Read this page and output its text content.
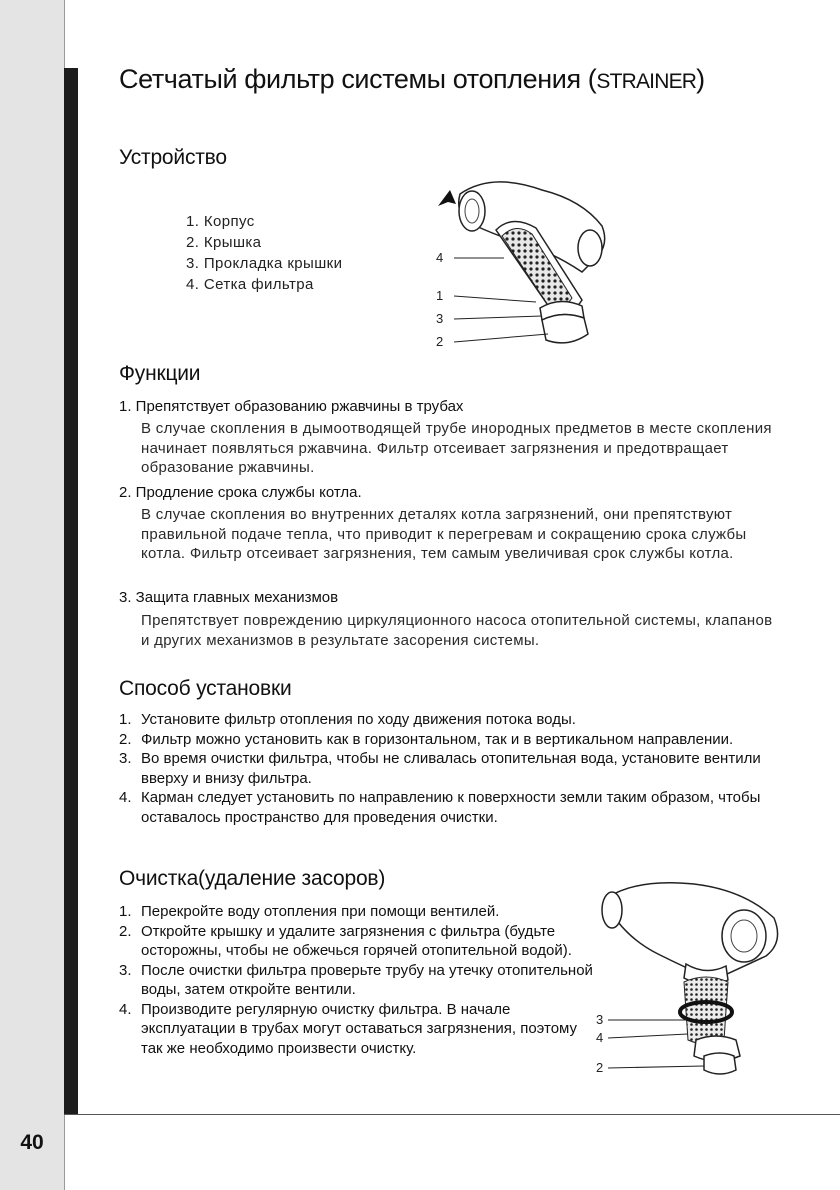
40
Сетчатый фильтр системы отопления (STRAINER)
Устройство
1. Корпус
2. Крышка
3. Прокладка крышки
4. Сетка фильтра
4
1
3
2
Функции
1. Препятствует образованию ржавчины в трубах
В случае скопления в дымоотводящей трубе инородных предметов в месте скопления начинает появляться ржавчина. Фильтр отсеивает загрязнения и предотвращает образование ржавчины.
2. Продление срока службы котла.
В случае скопления во внутренних деталях котла загрязнений, они препятствуют правильной подаче тепла, что приводит к перегревам и сокращению срока службы котла. Фильтр отсеивает загрязнения, тем самым увеличивая срок службы котла.
3. Защита главных механизмов
Препятствует повреждению циркуляционного насоса отопительной системы, клапанов и других механизмов в результате засорения системы.
Способ установки
1. Установите фильтр отопления по ходу движения потока воды.
2. Фильтр можно установить как в горизонтальном, так и в вертикальном направлении.
3. Во время очистки фильтра, чтобы не сливалась отопительная вода, установите вентили вверху и внизу фильтра.
4. Карман следует установить по направлению к поверхности земли таким образом, чтобы оставалось пространство для проведения очистки.
Очистка(удаление засоров)
1. Перекройте воду отопления при помощи вентилей.
2. Откройте крышку и удалите загрязнения с фильтра (будьте осторожны, чтобы не обжечься горячей отопительной водой).
3. После очистки фильтра проверьте трубу на утечку отопительной воды, затем откройте вентили.
4. Производите регулярную очистку фильтра. В начале эксплуатации в трубах могут оставаться загрязнения, поэтому так же необходимо произвести очистку.
3
4
2
